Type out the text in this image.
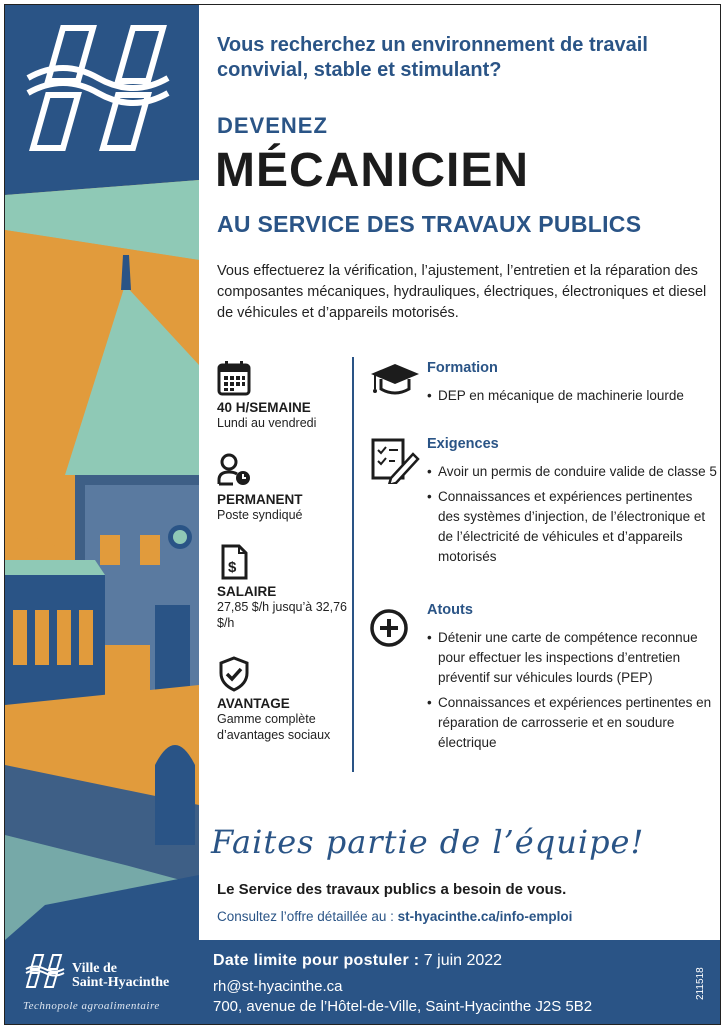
Vous recherchez un environnement de travail convivial, stable et stimulant?
DEVENEZ
MÉCANICIEN
AU SERVICE DES TRAVAUX PUBLICS
Vous effectuerez la vérification, l’ajustement, l’entretien et la réparation des composantes mécaniques, hydrauliques, électriques, électroniques et diesel de véhicules et d’appareils motorisés.
40 H/SEMAINE
Lundi au vendredi
PERMANENT
Poste syndiqué
$
SALAIRE
27,85 $/h jusqu’à 32,76 $/h
AVANTAGE
Gamme complète d’avantages sociaux
Formation
• DEP en mécanique de machinerie lourde
Exigences
• Avoir un permis de conduire valide de classe 5
• Connaissances et expériences pertinentes des systèmes d’injection, de l’électronique et de l’électricité de véhicules et d’appareils motorisés
Atouts
• Détenir une carte de compétence reconnue pour effectuer les inspections d’entretien préventif sur véhicules lourds (PEP)
• Connaissances et expériences pertinentes en réparation de carrosserie et en soudure électrique
Faites partie de l’équipe!
Le Service des travaux publics a besoin de vous.
Consultez l’offre détaillée au : st-hyacinthe.ca/info-emploi
Ville de
Saint-Hyacinthe
Technopole agroalimentaire
Date limite pour postuler : 7 juin 2022
rh@st-hyacinthe.ca
700, avenue de l’Hôtel-de-Ville, Saint-Hyacinthe J2S 5B2
211518
